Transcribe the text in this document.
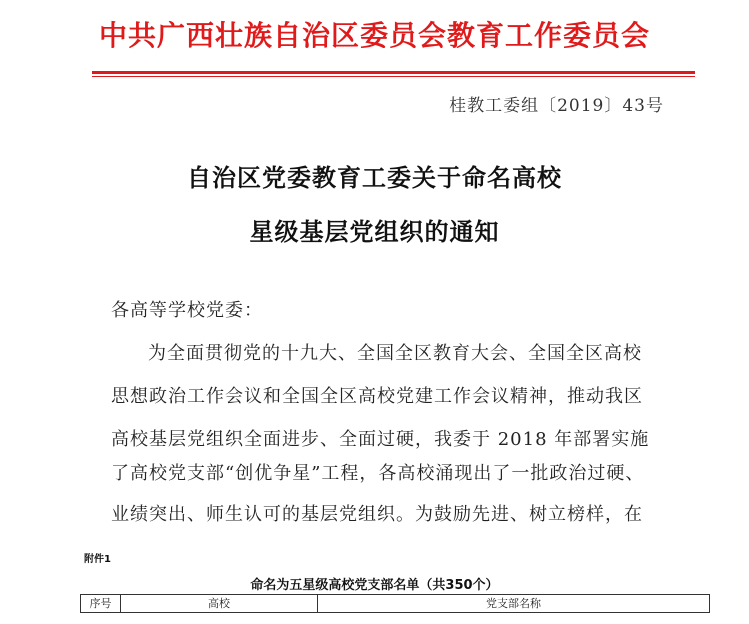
中共广西壮族自治区委员会教育工作委员会
桂教工委组〔2019〕43号
自治区党委教育工委关于命名高校
星级基层党组织的通知
各高等学校党委：
为全面贯彻党的十九大、全国全区教育大会、全国全区高校
思想政治工作会议和全国全区高校党建工作会议精神，推动我区
高校基层党组织全面进步、全面过硬，我委于 2018 年部署实施
了高校党支部“创优争星”工程，各高校涌现出了一批政治过硬、
业绩突出、师生认可的基层党组织。为鼓励先进、树立榜样，在
附件1
命名为五星级高校党支部名单（共350个）
序号	高校	党支部名称
